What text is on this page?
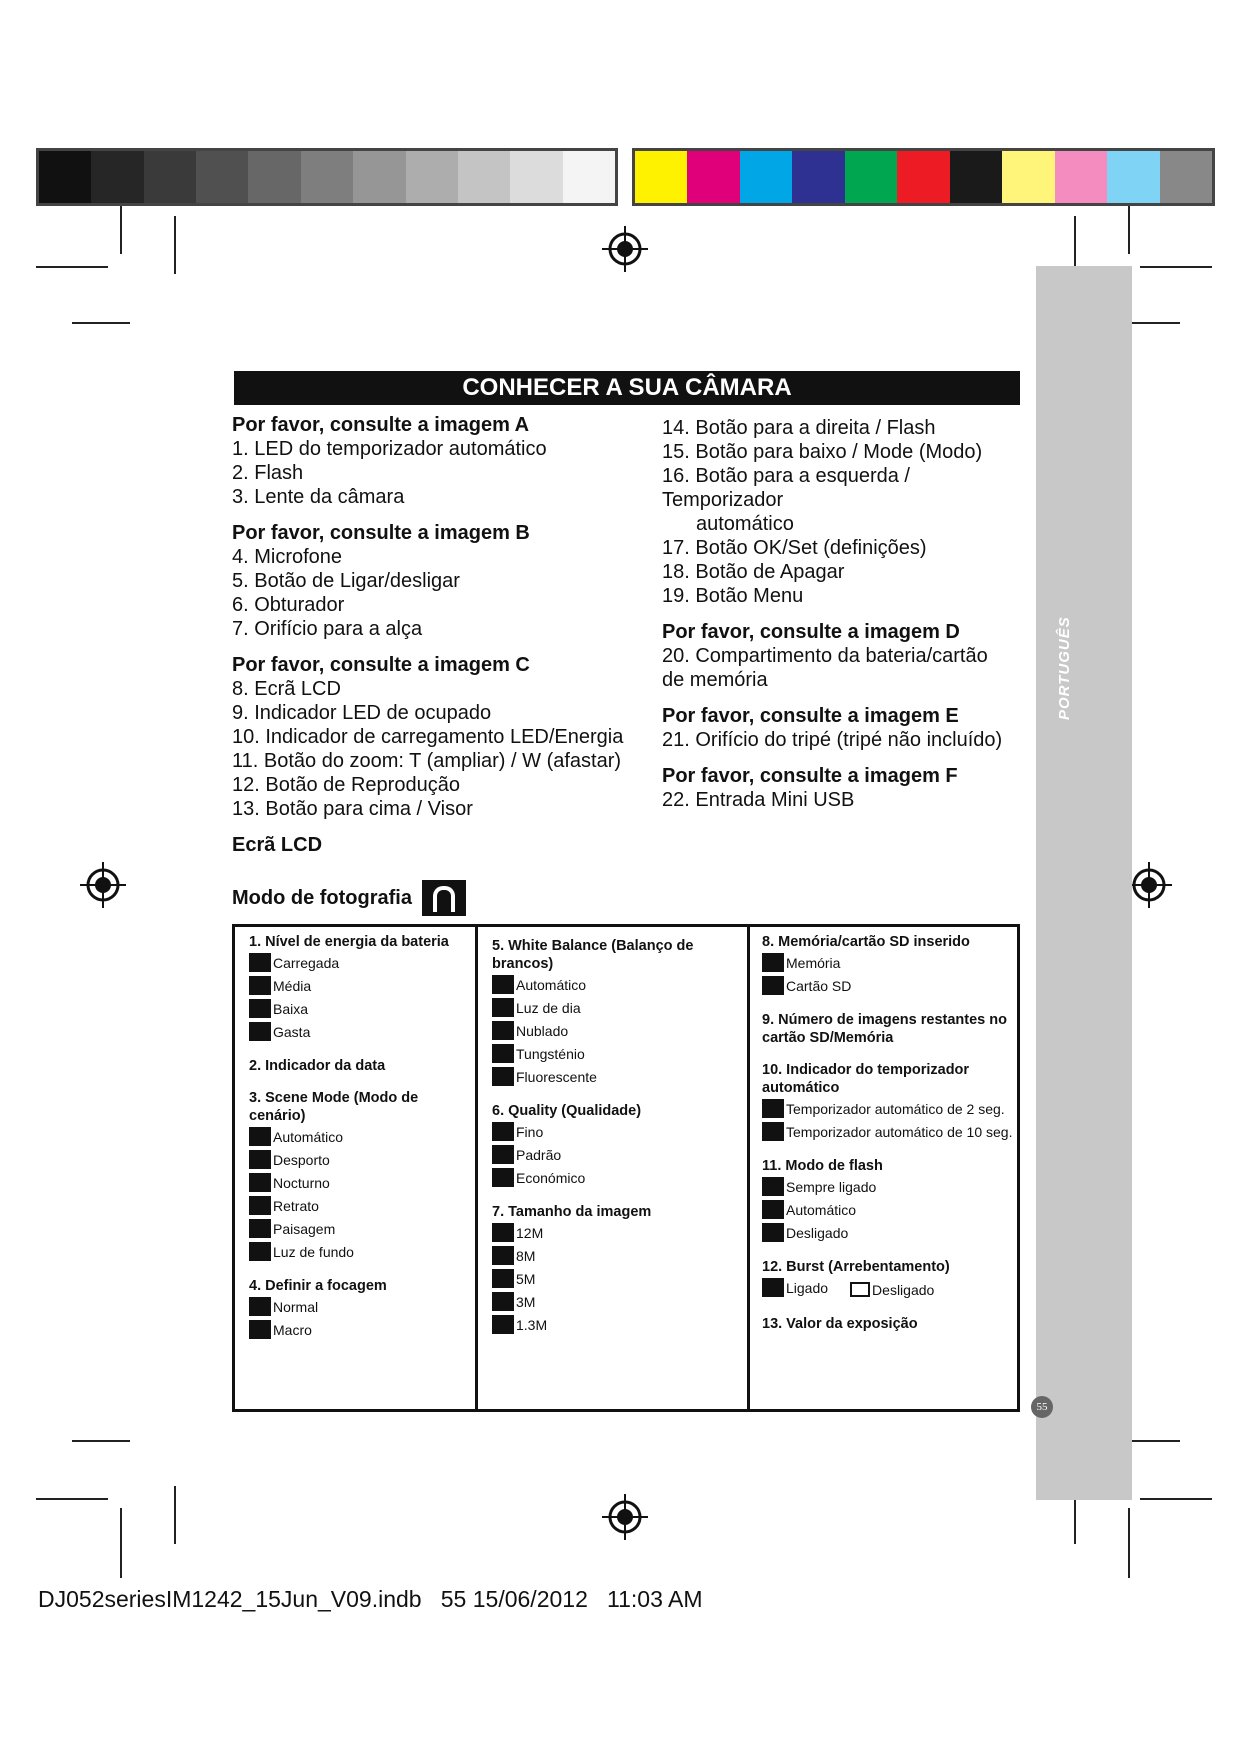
PORTUGUÊS
CONHECER A SUA CÂMARA

Por favor, consulte a imagem A

1. LED do temporizador automático

2. Flash

3. Lente da câmara

Por favor, consulte a imagem B

4. Microfone

5. Botão de Ligar/desligar

6. Obturador

7. Orifício para a alça

Por favor, consulte a imagem C

8. Ecrã LCD

9. Indicador LED de ocupado

10. Indicador de carregamento LED/Energia

11. Botão do zoom: T (ampliar) / W (afastar)

12. Botão de Reprodução

13. Botão para cima / Visor

Ecrã LCD

14. Botão para a direita / Flash

15. Botão para baixo / Mode (Modo)

16. Botão para a esquerda /

Temporizador

automático

17. Botão OK/Set (definições)

18. Botão de Apagar

19. Botão Menu

Por favor, consulte a imagem D

20. Compartimento da bateria/cartão

de memória

Por favor, consulte a imagem E

21. Orifício do tripé (tripé não incluído)

Por favor, consulte a imagem F

22. Entrada Mini USB

Modo de fotografia

1. Nível de energia da bateria

Carregada
Média
Baixa
Gasta

2. Indicador da data

3. Scene Mode (Modo de cenário)

Automático
Desporto
Nocturno
Retrato
Paisagem
Luz de fundo

4. Definir a focagem

Normal
Macro

5. White Balance (Balanço de brancos)

Automático
Luz de dia
Nublado
Tungsténio
Fluorescente

6. Quality (Qualidade)

Fino
Padrão
Económico

7. Tamanho da imagem

12M
8M
5M
3M
1.3M

8. Memória/cartão SD inserido

Memória
Cartão SD

9. Número de imagens restantes no cartão SD/Memória

10. Indicador do temporizador automático

Temporizador automático de 2 seg.
Temporizador automático de 10 seg.

11. Modo de flash

Sempre ligado
Automático
Desligado

12. Burst (Arrebentamento)

Ligado	Desligado

13. Valor da exposição

55
DJ052seriesIM1242_15Jun_V09.indb   55 15/06/2012   11:03 AM
